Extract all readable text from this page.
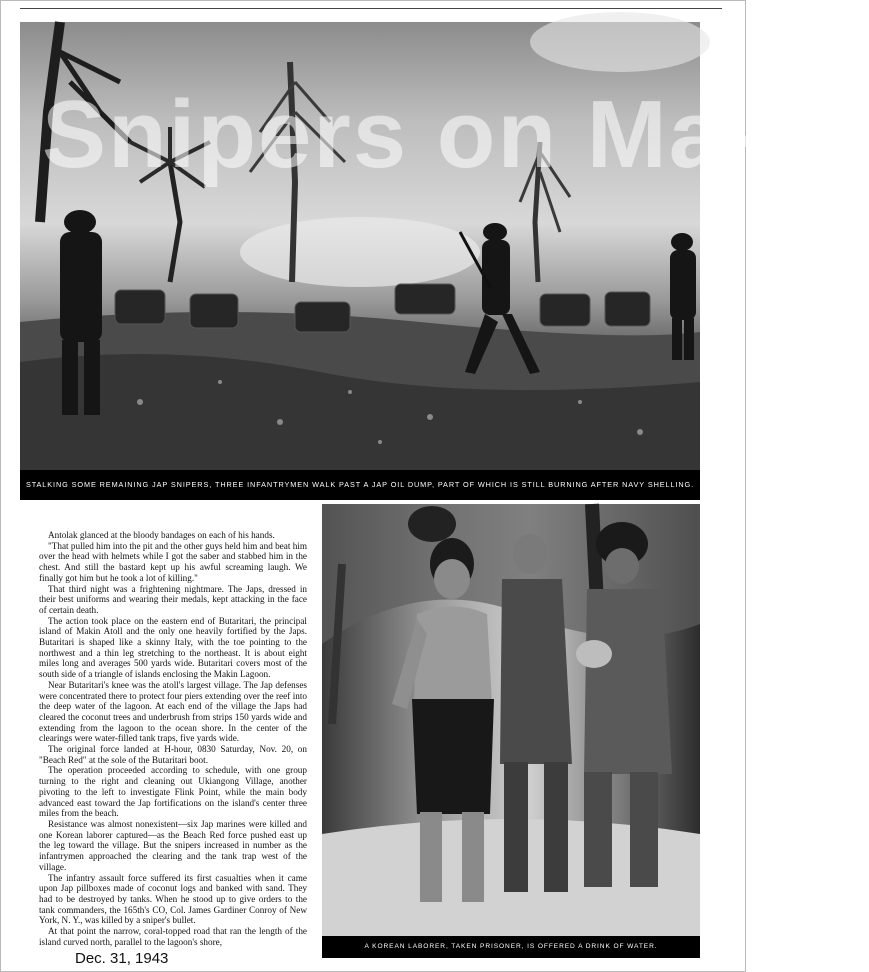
Snipers on Makin
STALKING SOME REMAINING JAP SNIPERS, THREE INFANTRYMEN WALK PAST A JAP OIL DUMP, PART OF WHICH IS STILL BURNING AFTER NAVY SHELLING.

Antolak glanced at the bloody bandages on each of his hands.

"That pulled him into the pit and the other guys held him and beat him over the head with helmets while I got the saber and stabbed him in the chest. And still the bastard kept up his awful screaming laugh. We finally got him but he took a lot of killing."

That third night was a frightening nightmare. The Japs, dressed in their best uniforms and wearing their medals, kept attacking in the face of certain death.

The action took place on the eastern end of Butaritari, the principal island of Makin Atoll and the only one heavily fortified by the Japs. Butaritari is shaped like a skinny Italy, with the toe pointing to the northwest and a thin leg stretching to the northeast. It is about eight miles long and averages 500 yards wide. Butaritari covers most of the south side of a triangle of islands enclosing the Makin Lagoon.

Near Butaritari's knee was the atoll's largest village. The Jap defenses were concentrated there to protect four piers extending over the reef into the deep water of the lagoon. At each end of the village the Japs had cleared the coconut trees and underbrush from strips 150 yards wide and extending from the lagoon to the ocean shore. In the center of the clearings were water-filled tank traps, five yards wide.

The original force landed at H-hour, 0830 Saturday, Nov. 20, on "Beach Red" at the sole of the Butaritari boot.

The operation proceeded according to schedule, with one group turning to the right and cleaning out Ukiangong Village, another pivoting to the left to investigate Flink Point, while the main body advanced east toward the Jap fortifications on the island's center three miles from the beach.

Resistance was almost nonexistent—six Jap marines were killed and one Korean laborer captured—as the Beach Red force pushed east up the leg toward the village. But the snipers increased in number as the infantrymen approached the clearing and the tank trap west of the village.

The infantry assault force suffered its first casualties when it came upon Jap pillboxes made of coconut logs and banked with sand. They had to be destroyed by tanks. When he stood up to give orders to the tank commanders, the 165th's CO, Col. James Gardiner Conroy of New York, N. Y., was killed by a sniper's bullet.

At that point the narrow, coral-topped road that ran the length of the island curved north, parallel to the lagoon's shore,	A KOREAN LABORER, TAKEN PRISONER, IS OFFERED A DRINK OF WATER.
Dec. 31, 1943
